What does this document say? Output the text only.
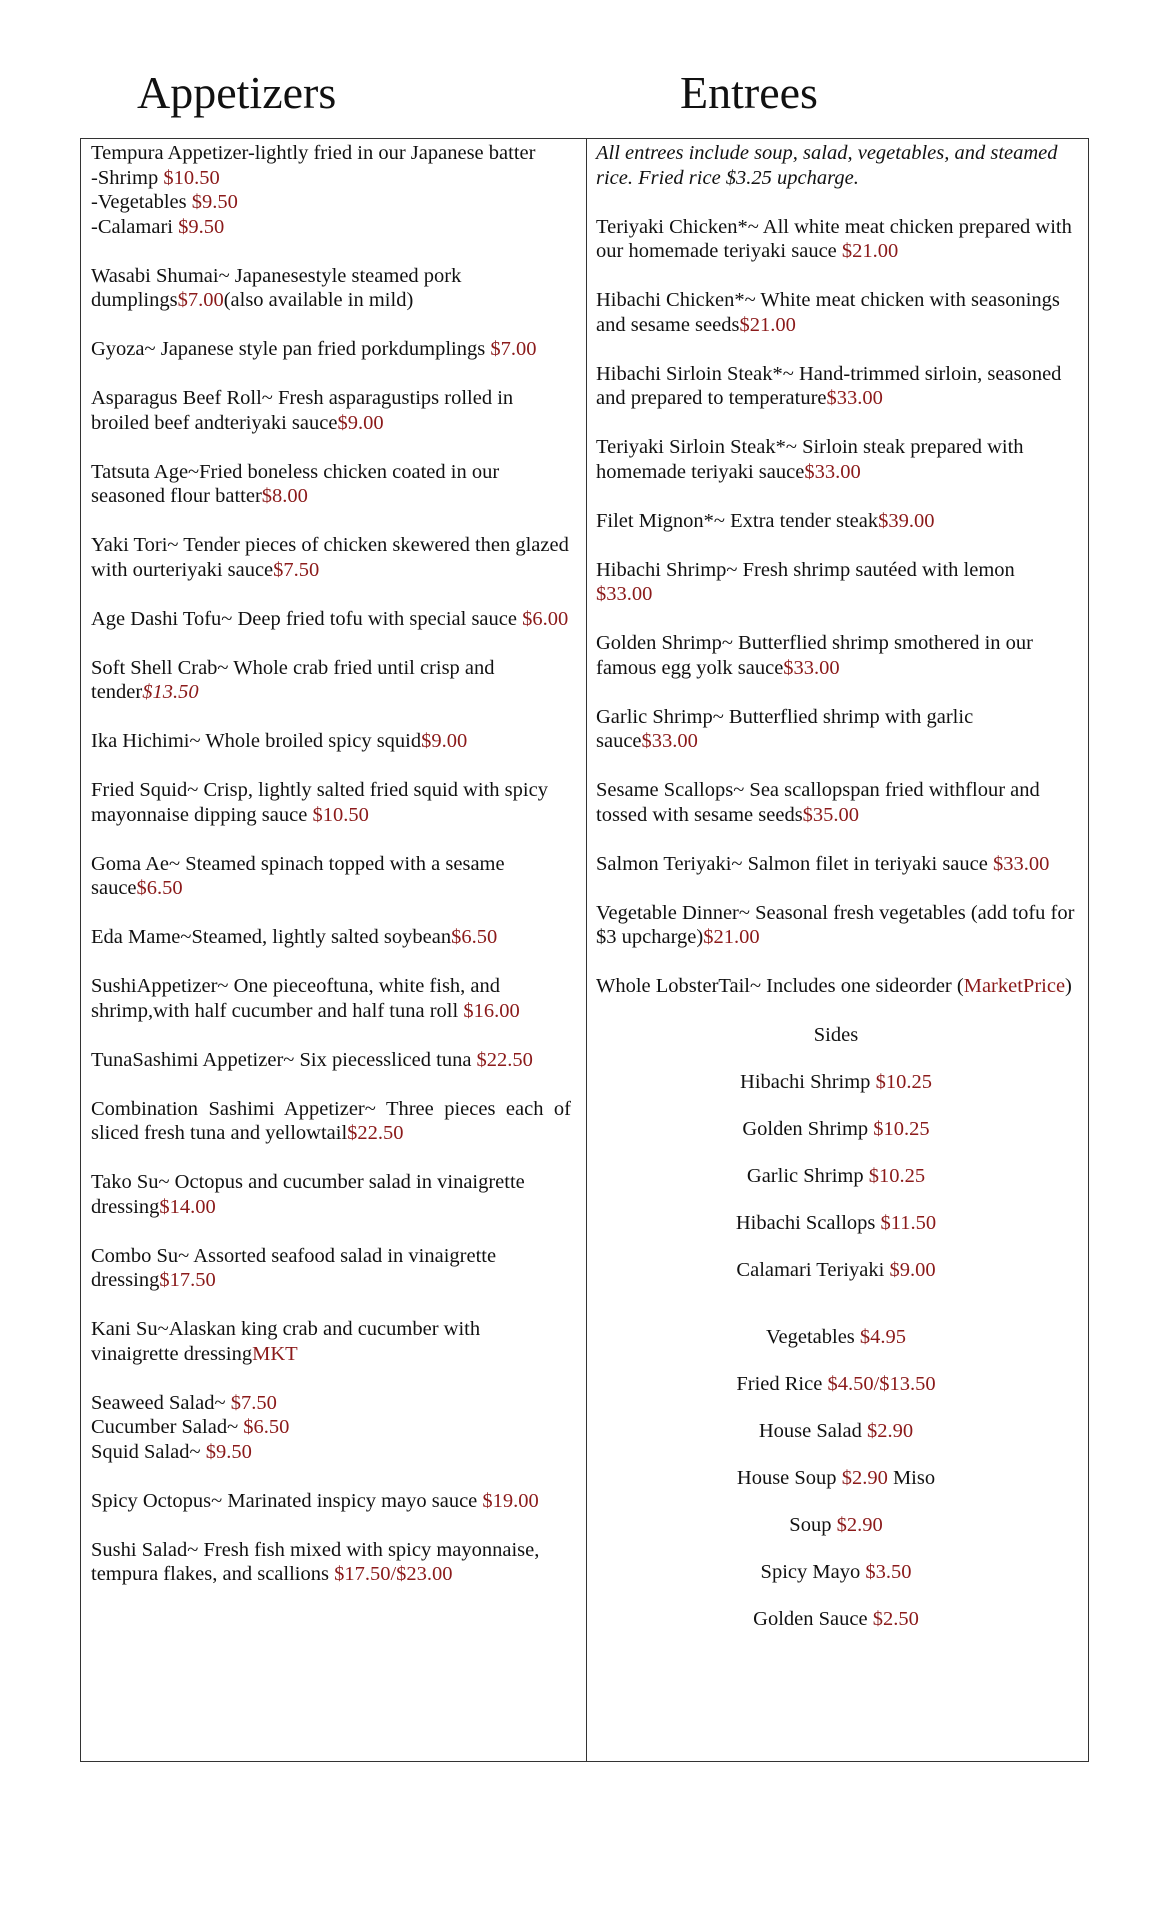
Appetizers	Entrees
Tempura Appetizer-lightly fried in our Japanese batter
-Shrimp $10.50
-Vegetables $9.50
-Calamari $9.50
Wasabi Shumai~ Japanesestyle steamed pork dumplings$7.00(also available in mild)
Gyoza~ Japanese style pan fried porkdumplings $7.00
Asparagus Beef Roll~ Fresh asparagustips rolled in broiled beef andteriyaki sauce$9.00
Tatsuta Age~Fried boneless chicken coated in our seasoned flour batter$8.00
Yaki Tori~ Tender pieces of chicken skewered then glazed with ourteriyaki sauce$7.50
Age Dashi Tofu~ Deep fried tofu with special sauce $6.00
Soft Shell Crab~ Whole crab fried until crisp and tender$13.50
Ika Hichimi~ Whole broiled spicy squid$9.00
Fried Squid~ Crisp, lightly salted fried squid with spicy mayonnaise dipping sauce $10.50
Goma Ae~ Steamed spinach topped with a sesame sauce$6.50
Eda Mame~Steamed, lightly salted soybean$6.50
SushiAppetizer~ One pieceoftuna, white fish, and shrimp,with half cucumber and half tuna roll $16.00
TunaSashimi Appetizer~ Six piecessliced tuna $22.50
Combination Sashimi Appetizer~ Three pieces each of sliced fresh tuna and yellowtail$22.50
Tako Su~ Octopus and cucumber salad in vinaigrette dressing$14.00
Combo Su~ Assorted seafood salad in vinaigrette dressing$17.50
Kani Su~Alaskan king crab and cucumber with vinaigrette dressingMKT
Seaweed Salad~ $7.50
Cucumber Salad~ $6.50
Squid Salad~ $9.50
Spicy Octopus~ Marinated inspicy mayo sauce $19.00
Sushi Salad~ Fresh fish mixed with spicy mayonnaise, tempura flakes, and scallions $17.50/$23.00
All entrees include soup, salad, vegetables, and steamed rice. Fried rice $3.25 upcharge.
Teriyaki Chicken*~ All white meat chicken prepared with our homemade teriyaki sauce $21.00
Hibachi Chicken*~ White meat chicken with seasonings and sesame seeds$21.00
Hibachi Sirloin Steak*~ Hand-trimmed sirloin, seasoned and prepared to temperature$33.00
Teriyaki Sirloin Steak*~ Sirloin steak prepared with homemade teriyaki sauce$33.00
Filet Mignon*~ Extra tender steak$39.00
Hibachi Shrimp~ Fresh shrimp sautéed with lemon $33.00
Golden Shrimp~ Butterflied shrimp smothered in our famous egg yolk sauce$33.00
Garlic Shrimp~ Butterflied shrimp with garlic sauce$33.00
Sesame Scallops~ Sea scallopspan fried withflour and tossed with sesame seeds$35.00
Salmon Teriyaki~ Salmon filet in teriyaki sauce $33.00
Vegetable Dinner~ Seasonal fresh vegetables (add tofu for $3 upcharge)$21.00
Whole LobsterTail~ Includes one sideorder (MarketPrice)
Sides
Hibachi Shrimp $10.25
Golden Shrimp $10.25
Garlic Shrimp $10.25
Hibachi Scallops $11.50
Calamari Teriyaki $9.00
Vegetables $4.95
Fried Rice $4.50/$13.50
House Salad $2.90
House Soup $2.90 Miso
Soup $2.90
Spicy Mayo $3.50
Golden Sauce $2.50
